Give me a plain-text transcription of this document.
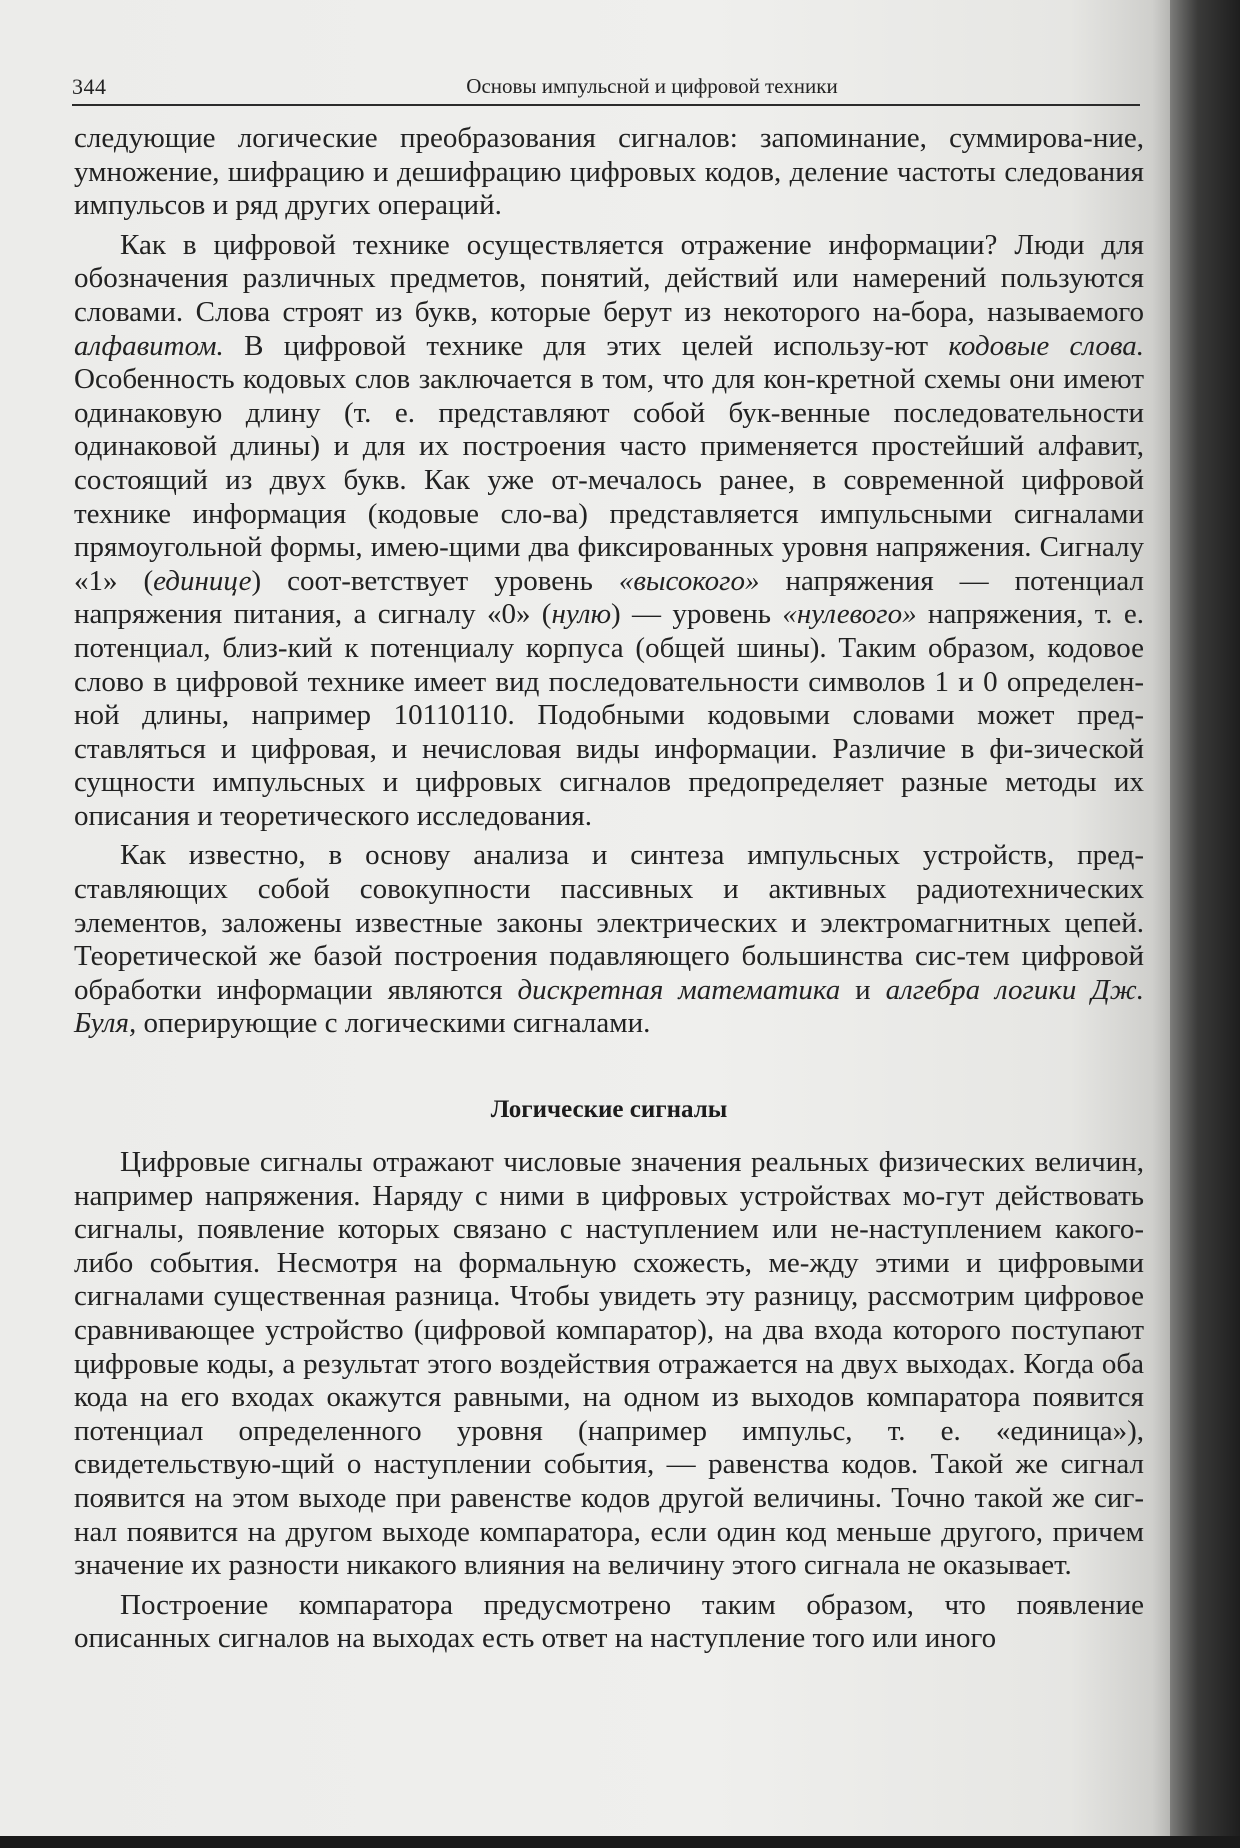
344	Основы импульсной и цифровой техники

следующие логические преобразования сигналов: запоминание, суммирова-ние, умножение, шифрацию и дешифрацию цифровых кодов, деление частоты следования импульсов и ряд других операций.

Как в цифровой технике осуществляется отражение информации? Люди для обозначения различных предметов, понятий, действий или намерений пользуются словами. Слова строят из букв, которые берут из некоторого на-бора, называемого алфавитом. В цифровой технике для этих целей использу-ют кодовые слова. Особенность кодовых слов заключается в том, что для кон-кретной схемы они имеют одинаковую длину (т. е. представляют собой бук-венные последовательности одинаковой длины) и для их построения часто применяется простейший алфавит, состоящий из двух букв. Как уже от-мечалось ранее, в современной цифровой технике информация (кодовые сло-ва) представляется импульсными сигналами прямоугольной формы, имею-щими два фиксированных уровня напряжения. Сигналу «1» (единице) соот-ветствует уровень «высокого» напряжения — потенциал напряжения питания, а сигналу «0» (нулю) — уровень «нулевого» напряжения, т. е. потенциал, близ-кий к потенциалу корпуса (общей шины). Таким образом, кодовое слово в цифровой технике имеет вид последовательности символов 1 и 0 определен-ной длины, например 10110110. Подобными кодовыми словами может пред-ставляться и цифровая, и нечисловая виды информации. Различие в фи-зической сущности импульсных и цифровых сигналов предопределяет разные методы их описания и теоретического исследования.

Как известно, в основу анализа и синтеза импульсных устройств, пред-ставляющих собой совокупности пассивных и активных радиотехнических элементов, заложены известные законы электрических и электромагнитных цепей. Теоретической же базой построения подавляющего большинства сис-тем цифровой обработки информации являются дискретная математика и алгебра логики Дж. Буля, оперирующие с логическими сигналами.

Логические сигналы

Цифровые сигналы отражают числовые значения реальных физических величин, например напряжения. Наряду с ними в цифровых устройствах мо-гут действовать сигналы, появление которых связано с наступлением или не-наступлением какого-либо события. Несмотря на формальную схожесть, ме-жду этими и цифровыми сигналами существенная разница. Чтобы увидеть эту разницу, рассмотрим цифровое сравнивающее устройство (цифровой компаратор), на два входа которого поступают цифровые коды, а результат этого воздействия отражается на двух выходах. Когда оба кода на его входах окажутся равными, на одном из выходов компаратора появится потенциал определенного уровня (например импульс, т. е. «единица»), свидетельствую-щий о наступлении события, — равенства кодов. Такой же сигнал появится на этом выходе при равенстве кодов другой величины. Точно такой же сиг-нал появится на другом выходе компаратора, если один код меньше другого, причем значение их разности никакого влияния на величину этого сигнала не оказывает.

Построение компаратора предусмотрено таким образом, что появление описанных сигналов на выходах есть ответ на наступление того или иного
